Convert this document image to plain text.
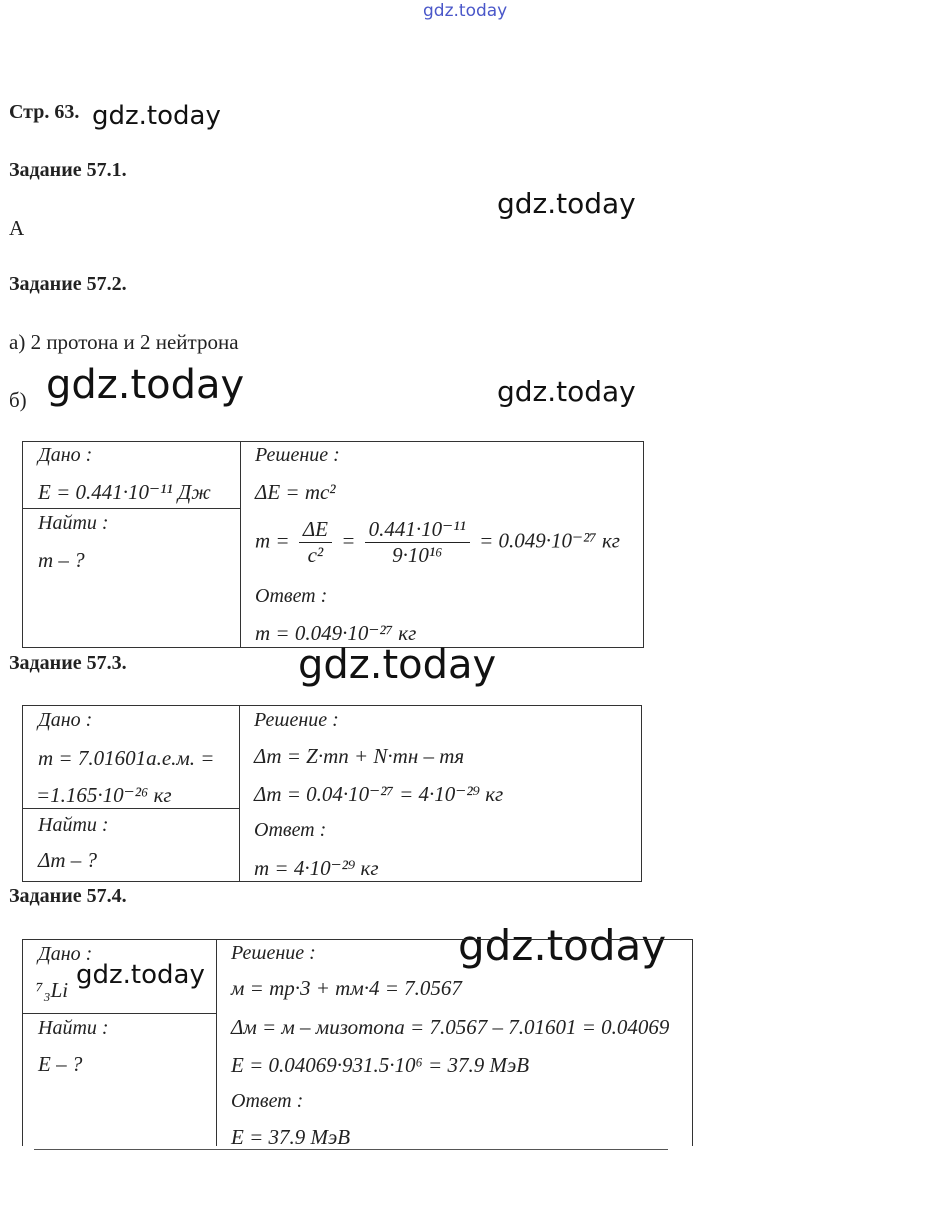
gdz.today
Стр. 63. gdz.today
Задание 57.1.
gdz.today
А
Задание 57.2.
а) 2 протона и 2 нейтрона
б) gdz.today	gdz.today
Дано :
E = 0.441·10⁻¹¹ Дж
Найти :
m – ?
Решение :
ΔE = mc²
$m = \frac{\Delta E}{\text{c²}} = \frac{\text{0.441·10⁻¹¹}}{\text{9·10¹⁶}} = 0.049\cdot 10^{-27}$ кг
Ответ :
m = 0.049·10⁻²⁷ кг
Задание 57.3.	gdz.today
Дано :
m = 7.01601а.е.м. =
=1.165·10⁻²⁶ кг
Найти :
Δm – ?
Решение :
Δm = Z·mп + N·mн – mя
Δm = 0.04·10⁻²⁷ = 4·10⁻²⁹ кг
Ответ :
m = 4·10⁻²⁹ кг
Задание 57.4.
gdz.today
Дано :
⁷₃Li gdz.today
Найти :
E – ?
Решение :
м = mр·3 + mм·4 = 7.0567
Δм = м – мизотопа = 7.0567 – 7.01601 = 0.04069
E = 0.04069·931.5·10⁶ = 37.9 МэВ
Ответ :
E = 37.9 МэВ
